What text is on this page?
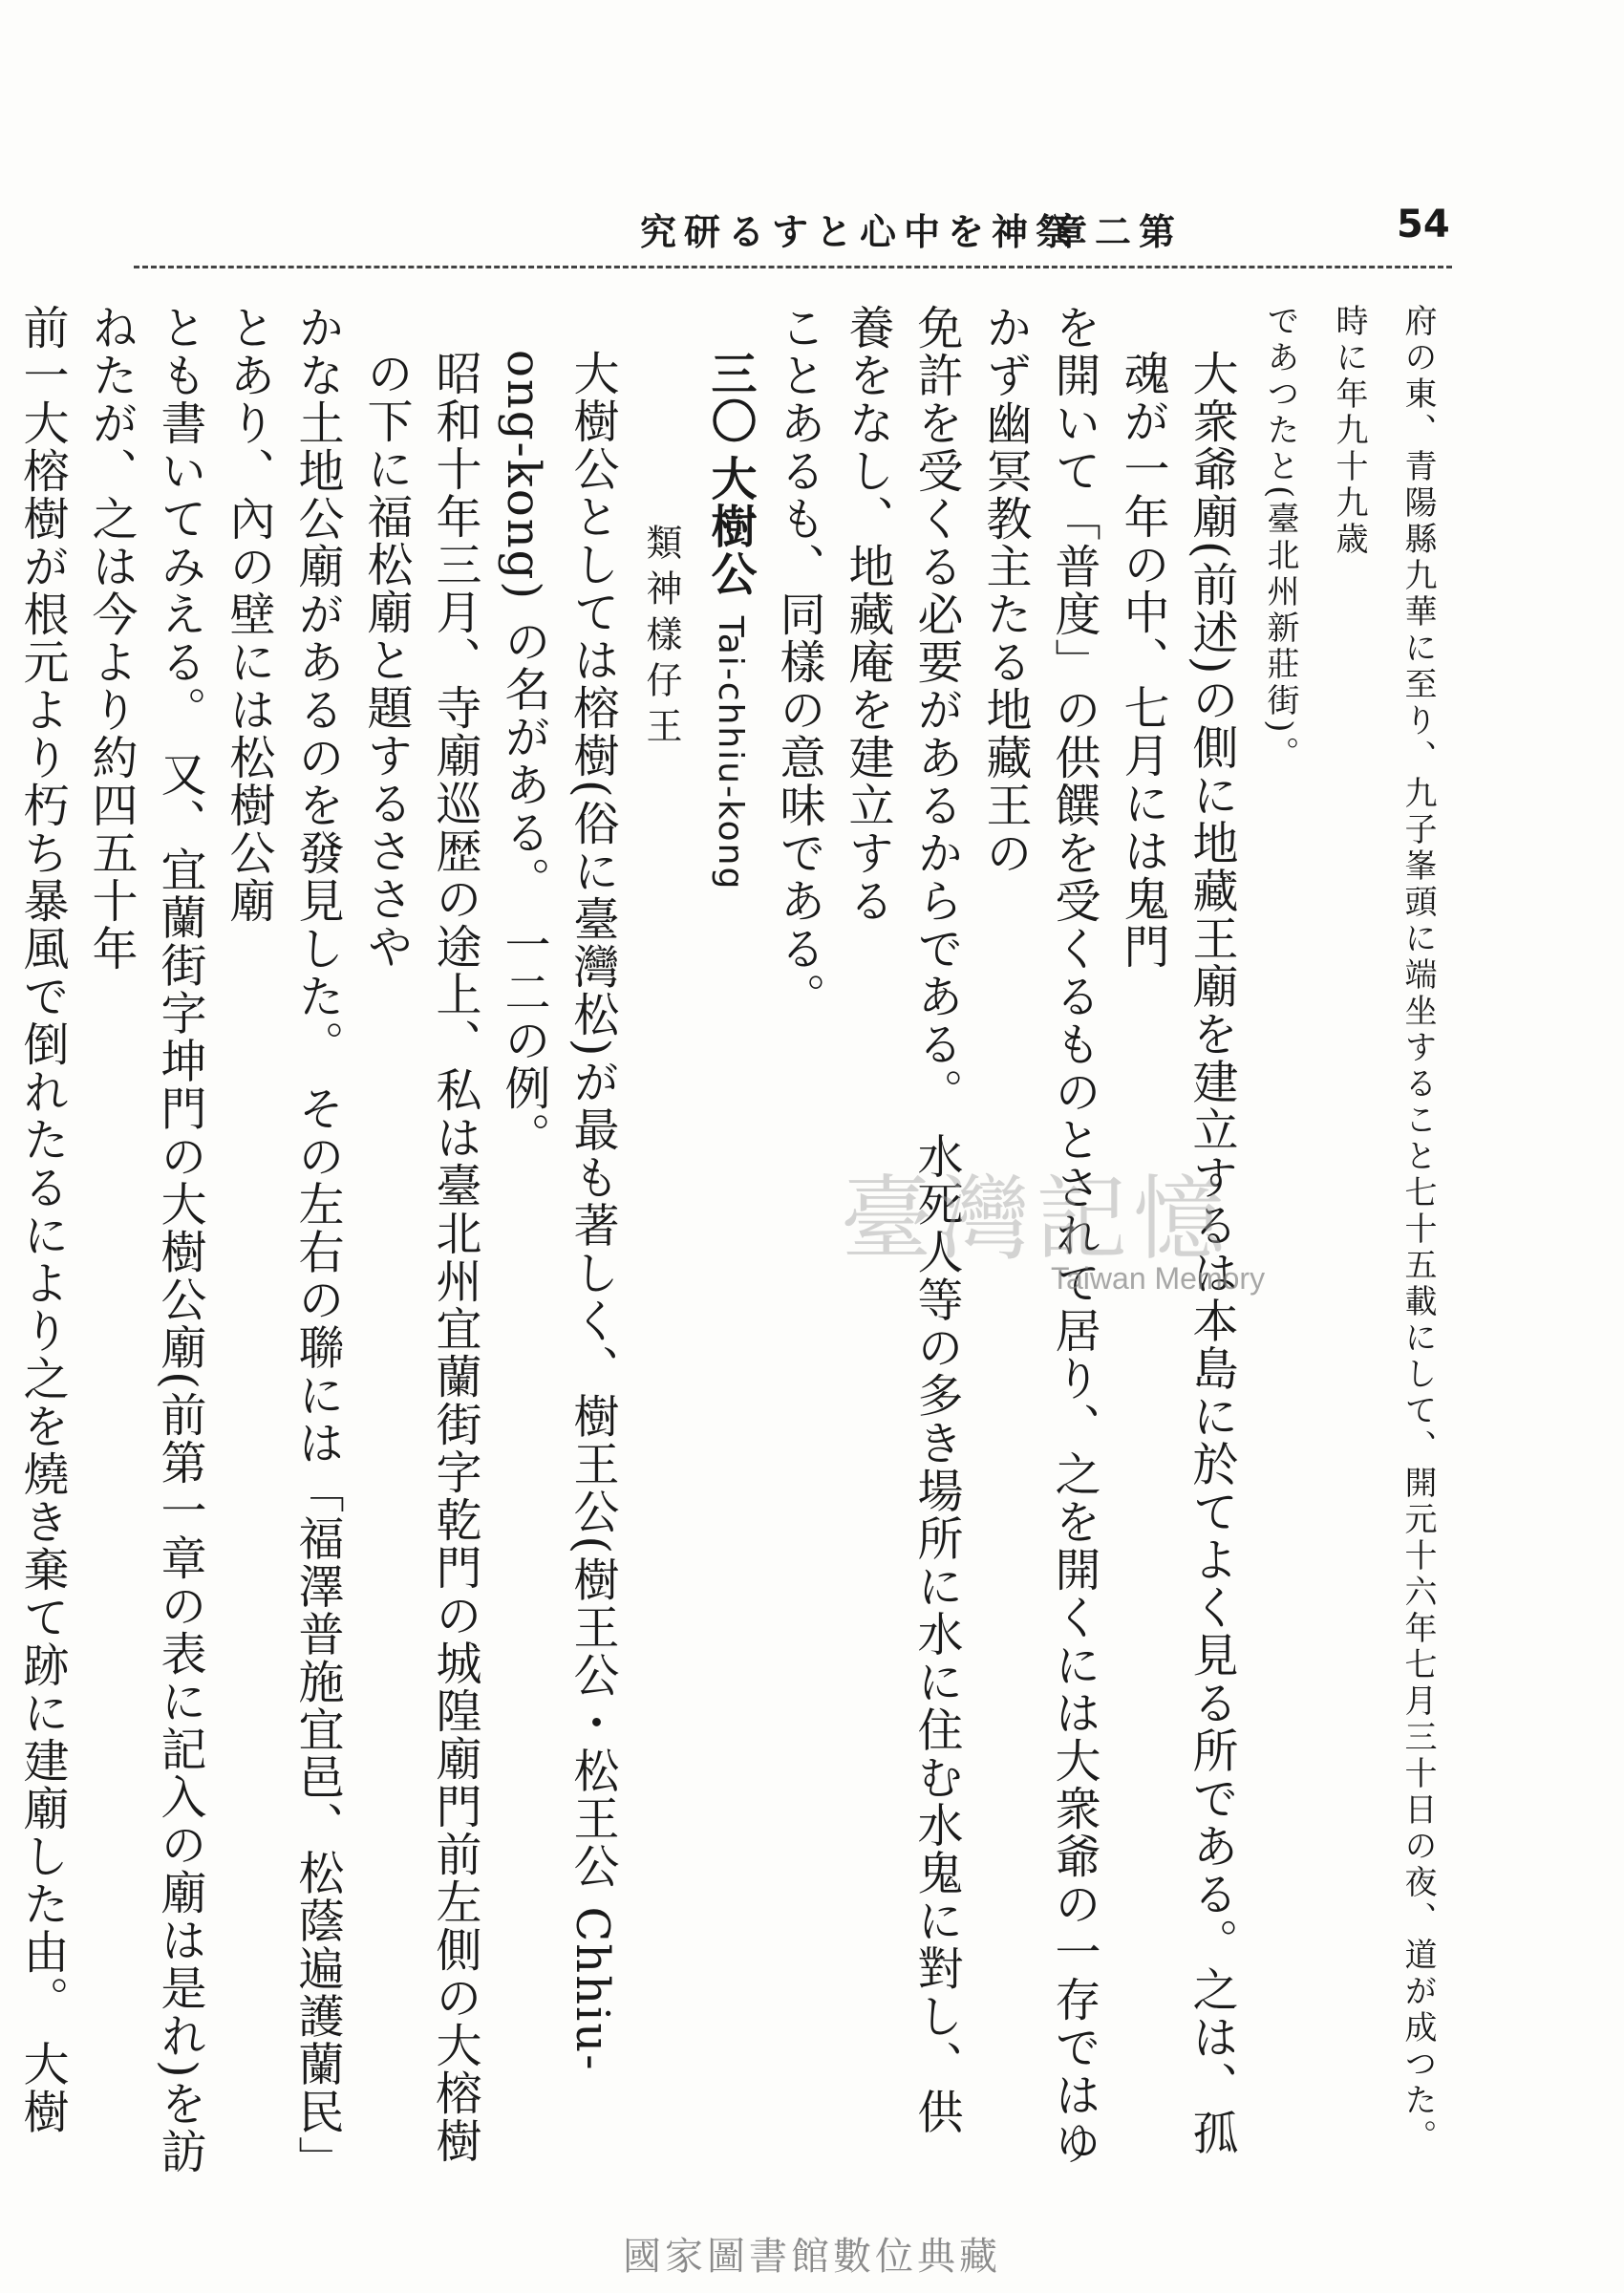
究研るすと心中を神祭
章二第	54

府の東、青陽縣九華に至り、九子峯頭に端坐すること七十五載にして、開元十六年七月三十日の夜、道が成つた。時に年九十九歳

であつたと(臺北州新莊街)。

大衆爺廟(前述)の側に地藏王廟を建立するは本島に於てよく見る所である。之は、孤魂が一年の中、七月には鬼門

を開いて「普度」の供饌を受くるものとされて居り、之を開くには大衆爺の一存ではゆかず幽冥教主たる地藏王の

免許を受くる必要があるからである。 水死人等の多き場所に水に住む水鬼に對し、供養をなし、地藏庵を建立する

ことあるも、同樣の意味である。

三〇大樹公 Tai-chhiu-kong

類神樣仔王

大樹公としては榕樹(俗に臺灣松)が最も著しく、樹王公(樹王公・松王公 Chhiu-ong-kong) の名がある。 一二の例。

昭和十年三月、寺廟巡歴の途上、私は臺北州宜蘭街字乾門の城隍廟門前左側の大榕樹の下に福松廟と題するささや

かな土地公廟があるのを發見した。 その左右の聯には「福澤普施宜邑、松蔭遍護蘭民」とあり、內の壁には松樹公廟

とも書いてみえる。 又、宜蘭街字坤門の大樹公廟(前第一章の表に記入の廟は是れ)を訪ねたが、之は今より約四五十年

前一大榕樹が根元より朽ち暴風で倒れたるにより之を燒き棄て跡に建廟した由。 大樹

臺灣記憶
Taiwan Memory
國家圖書館數位典藏
